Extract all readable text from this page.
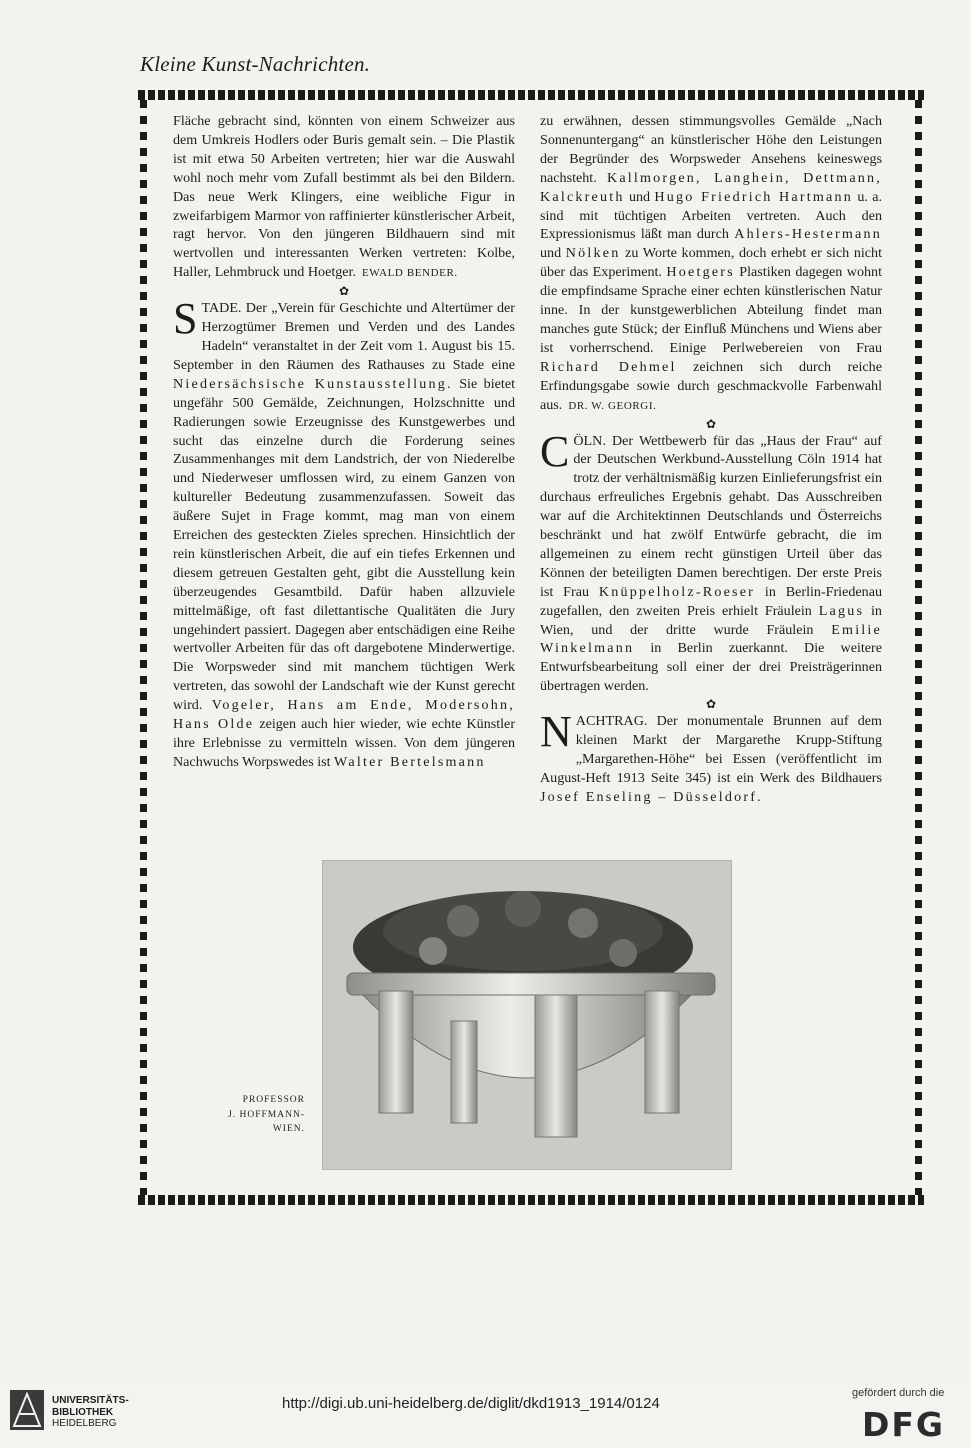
Kleine Kunst-Nachrichten.

Fläche gebracht sind, könnten von einem Schweizer aus dem Umkreis Hodlers oder Buris gemalt sein. – Die Plastik ist mit etwa 50 Arbeiten vertreten; hier war die Auswahl wohl noch mehr vom Zufall bestimmt als bei den Bildern. Das neue Werk Klingers, eine weibliche Figur in zweifarbigem Marmor von raffinierter künstlerischer Arbeit, ragt hervor. Von den jüngeren Bildhauern sind mit wertvollen und interessanten Werken vertreten: Kolbe, Haller, Lehmbruck und Hoetger. EWALD BENDER.

✿

STADE. Der „Verein für Geschichte und Altertümer der Herzogtümer Bremen und Verden und des Landes Hadeln“ veranstaltet in der Zeit vom 1. August bis 15. September in den Räumen des Rathauses zu Stade eine Niedersächsische Kunstausstellung. Sie bietet ungefähr 500 Gemälde, Zeichnungen, Holzschnitte und Radierungen sowie Erzeugnisse des Kunstgewerbes und sucht das einzelne durch die Forderung seines Zusammenhanges mit dem Landstrich, der von Niederelbe und Niederweser umflossen wird, zu einem Ganzen von kultureller Bedeutung zusammenzufassen. Soweit das äußere Sujet in Frage kommt, mag man von einem Erreichen des gesteckten Zieles sprechen. Hinsichtlich der rein künstlerischen Arbeit, die auf ein tiefes Erkennen und diesem getreuen Gestalten geht, gibt die Ausstellung kein überzeugendes Gesamtbild. Dafür haben allzuviele mittelmäßige, oft fast dilettantische Qualitäten die Jury ungehindert passiert. Dagegen aber entschädigen eine Reihe wertvoller Arbeiten für das oft dargebotene Minderwertige. Die Worpsweder sind mit manchem tüchtigen Werk vertreten, das sowohl der Landschaft wie der Kunst gerecht wird. Vogeler, Hans am Ende, Modersohn, Hans Olde zeigen auch hier wieder, wie echte Künstler ihre Erlebnisse zu vermitteln wissen. Von dem jüngeren Nachwuchs Worpswedes ist Walter Bertelsmann

zu erwähnen, dessen stimmungsvolles Gemälde „Nach Sonnenuntergang“ an künstlerischer Höhe den Leistungen der Begründer des Worpsweder Ansehens keineswegs nachsteht. Kallmorgen, Langhein, Dettmann, Kalckreuth und Hugo Friedrich Hartmann u. a. sind mit tüchtigen Arbeiten vertreten. Auch den Expressionismus läßt man durch Ahlers-Hestermann und Nölken zu Worte kommen, doch erhebt er sich nicht über das Experiment. Hoetgers Plastiken dagegen wohnt die empfindsame Sprache einer echten künstlerischen Natur inne. In der kunstgewerblichen Abteilung findet man manches gute Stück; der Einfluß Münchens und Wiens aber ist vorherrschend. Einige Perlwebereien von Frau Richard Dehmel zeichnen sich durch reiche Erfindungsgabe sowie durch geschmackvolle Farbenwahl aus. DR. W. GEORGI.

✿

CÖLN. Der Wettbewerb für das „Haus der Frau“ auf der Deutschen Werkbund-Ausstellung Cöln 1914 hat trotz der verhältnismäßig kurzen Einlieferungsfrist ein durchaus erfreuliches Ergebnis gehabt. Das Ausschreiben war auf die Architektinnen Deutschlands und Österreichs beschränkt und hat zwölf Entwürfe gebracht, die im allgemeinen zu einem recht günstigen Urteil über das Können der beteiligten Damen berechtigen. Der erste Preis ist Frau Knüppelholz-Roeser in Berlin-Friedenau zugefallen, den zweiten Preis erhielt Fräulein Lagus in Wien, und der dritte wurde Fräulein Emilie Winkelmann in Berlin zuerkannt. Die weitere Entwurfsbearbeitung soll einer der drei Preisträgerinnen übertragen werden.

✿

NACHTRAG. Der monumentale Brunnen auf dem kleinen Markt der Margarethe Krupp-Stiftung „Margarethen-Höhe“ bei Essen (veröffentlicht im August-Heft 1913 Seite 345) ist ein Werk des Bildhauers Josef Enseling – Düsseldorf.

PROFESSOR
J. HOFFMANN-
WIEN.
UNIVERSITÄTS-
BIBLIOTHEK
HEIDELBERG
http://digi.ub.uni-heidelberg.de/diglit/dkd1913_1914/0124
gefördert durch die
DFG
